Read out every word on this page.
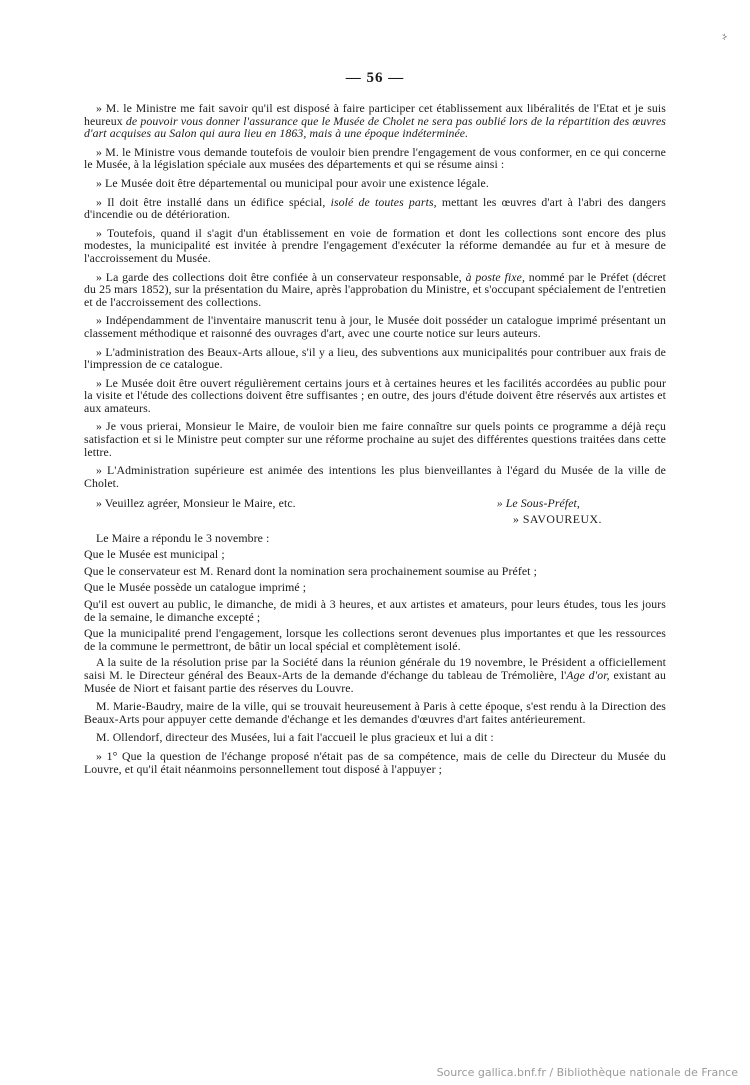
⸖
— 56 —

» M. le Ministre me fait savoir qu'il est disposé à faire participer cet établissement aux libéralités de l'Etat et je suis heureux de pouvoir vous donner l'assurance que le Musée de Cholet ne sera pas oublié lors de la répartition des œuvres d'art acquises au Salon qui aura lieu en 1863, mais à une époque indéterminée.

» M. le Ministre vous demande toutefois de vouloir bien prendre l'engagement de vous conformer, en ce qui concerne le Musée, à la législation spéciale aux musées des départements et qui se résume ainsi :

» Le Musée doit être départemental ou municipal pour avoir une existence légale.

» Il doit être installé dans un édifice spécial, isolé de toutes parts, mettant les œuvres d'art à l'abri des dangers d'incendie ou de détérioration.

» Toutefois, quand il s'agit d'un établissement en voie de formation et dont les collections sont encore des plus modestes, la municipalité est invitée à prendre l'engagement d'exécuter la réforme demandée au fur et à mesure de l'accroissement du Musée.

» La garde des collections doit être confiée à un conservateur responsable, à poste fixe, nommé par le Préfet (décret du 25 mars 1852), sur la présentation du Maire, après l'approbation du Ministre, et s'occupant spécialement de l'entretien et de l'accroissement des collections.

» Indépendamment de l'inventaire manuscrit tenu à jour, le Musée doit posséder un catalogue imprimé présentant un classement méthodique et raisonné des ouvrages d'art, avec une courte notice sur leurs auteurs.

» L'administration des Beaux-Arts alloue, s'il y a lieu, des subventions aux municipalités pour contribuer aux frais de l'impression de ce catalogue.

» Le Musée doit être ouvert régulièrement certains jours et à certaines heures et les facilités accordées au public pour la visite et l'étude des collections doivent être suffisantes ; en outre, des jours d'étude doivent être réservés aux artistes et aux amateurs.

» Je vous prierai, Monsieur le Maire, de vouloir bien me faire connaître sur quels points ce programme a déjà reçu satisfaction et si le Ministre peut compter sur une réforme prochaine au sujet des différentes questions traitées dans cette lettre.

» L'Administration supérieure est animée des intentions les plus bienveillantes à l'égard du Musée de la ville de Cholet.

» Veuillez agréer, Monsieur le Maire, etc.	» Le Sous-Préfet,

» SAVOUREUX.

Le Maire a répondu le 3 novembre :

Que le Musée est municipal ;

Que le conservateur est M. Renard dont la nomination sera prochainement soumise au Préfet ;

Que le Musée possède un catalogue imprimé ;

Qu'il est ouvert au public, le dimanche, de midi à 3 heures, et aux artistes et amateurs, pour leurs études, tous les jours de la semaine, le dimanche excepté ;

Que la municipalité prend l'engagement, lorsque les collections seront devenues plus importantes et que les ressources de la commune le permettront, de bâtir un local spécial et complètement isolé.

A la suite de la résolution prise par la Société dans la réunion générale du 19 novembre, le Président a officiellement saisi M. le Directeur général des Beaux-Arts de la demande d'échange du tableau de Trémolière, l'Age d'or, existant au Musée de Niort et faisant partie des réserves du Louvre.

M. Marie-Baudry, maire de la ville, qui se trouvait heureusement à Paris à cette époque, s'est rendu à la Direction des Beaux-Arts pour appuyer cette demande d'échange et les demandes d'œuvres d'art faites antérieurement.

M. Ollendorf, directeur des Musées, lui a fait l'accueil le plus gracieux et lui a dit :

» 1° Que la question de l'échange proposé n'était pas de sa compétence, mais de celle du Directeur du Musée du Louvre, et qu'il était néanmoins personnellement tout disposé à l'appuyer ;

Source gallica.bnf.fr / Bibliothèque nationale de France
